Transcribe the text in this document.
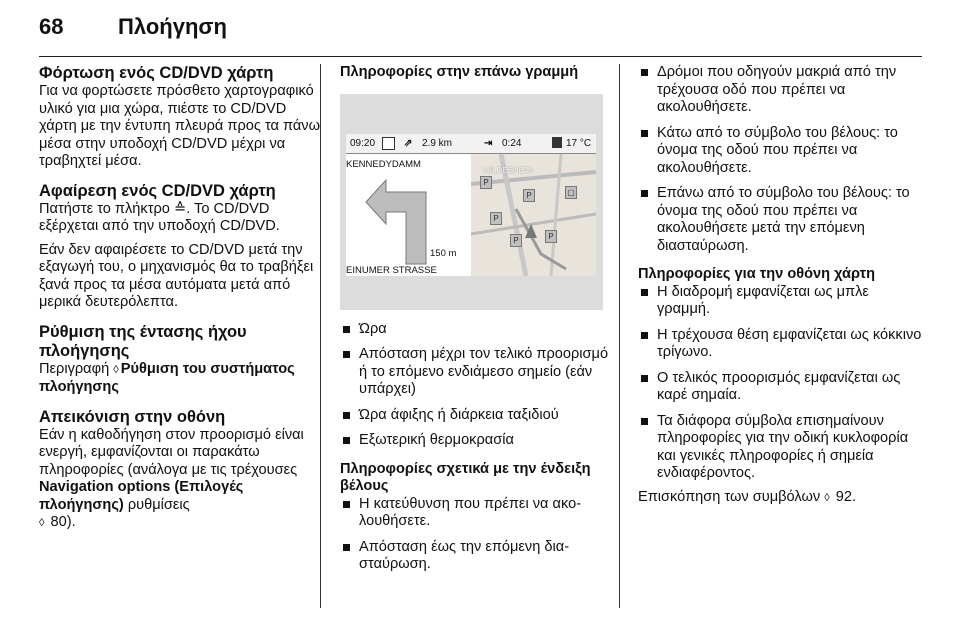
68 Πλοήγηση
Φόρτωση ενός CD/DVD χάρτη

Για να φορτώσετε πρόσθετο χαρτογραφικό υλικό για μια χώρα, πιέστε το CD/DVD χάρτη με την έντυπη πλευρά προς τα πάνω μέσα στην υποδοχή CD/DVD μέχρι να τραβηχτεί μέσα.

Αφαίρεση ενός CD/DVD χάρτη

Πατήστε το πλήκτρο ≙. Το CD/DVD εξέρχεται από την υποδοχή CD/DVD.

Εάν δεν αφαιρέσετε το CD/DVD μετά την εξαγωγή του, ο μηχανισμός θα το τραβήξει ξανά προς τα μέσα αυτόματα μετά από μερικά δευτερόλεπτα.

Ρύθμιση της έντασης ήχου πλοήγησης

Περιγραφή ◊ Ρύθμιση του συστήματος πλοήγησης

Απεικόνιση στην οθόνη

Εάν η καθοδήγηση στον προορισμό είναι ενεργή, εμφανίζονται οι παρακάτω πληροφορίες (ανάλογα με τις τρέχουσες Navigation options (Επιλογές πλοήγησης) ρυθμίσεις
◊ 80).

Πληροφορίες στην επάνω γραμμή

09:20	⇗ 2.9 km	⇥ 0:24	17 °C
KENNEDYDAMM
EINUMER STRASSE
150 m
HILDESHEIM
P
P
P
P	P
▢
Ώρα
Απόσταση μέχρι τον τελικό προορισμό ή το επόμενο ενδιάμεσο σημείο (εάν υπάρχει)
Ώρα άφιξης ή διάρκεια ταξιδιού
Εξωτερική θερμοκρασία

Πληροφορίες σχετικά με την ένδειξη βέλους

Η κατεύθυνση που πρέπει να ακολουθήσετε.
Απόσταση έως την επόμενη διασταύρωση.
Δρόμοι που οδηγούν μακριά από την τρέχουσα οδό που πρέπει να ακολουθήσετε.
Κάτω από το σύμβολο του βέλους: το όνομα της οδού που πρέπει να ακολουθήσετε.
Επάνω από το σύμβολο του βέλους: το όνομα της οδού που πρέπει να ακολουθήσετε μετά την επόμενη διασταύρωση.

Πληροφορίες για την οθόνη χάρτη

Η διαδρομή εμφανίζεται ως μπλε γραμμή.
Η τρέχουσα θέση εμφανίζεται ως κόκκινο τρίγωνο.
Ο τελικός προορισμός εμφανίζεται ως καρέ σημαία.
Τα διάφορα σύμβολα επισημαίνουν πληροφορίες για την οδική κυκλοφορία και γενικές πληροφορίες ή σημεία ενδιαφέροντος.

Επισκόπηση των συμβόλων ◊ 92.
